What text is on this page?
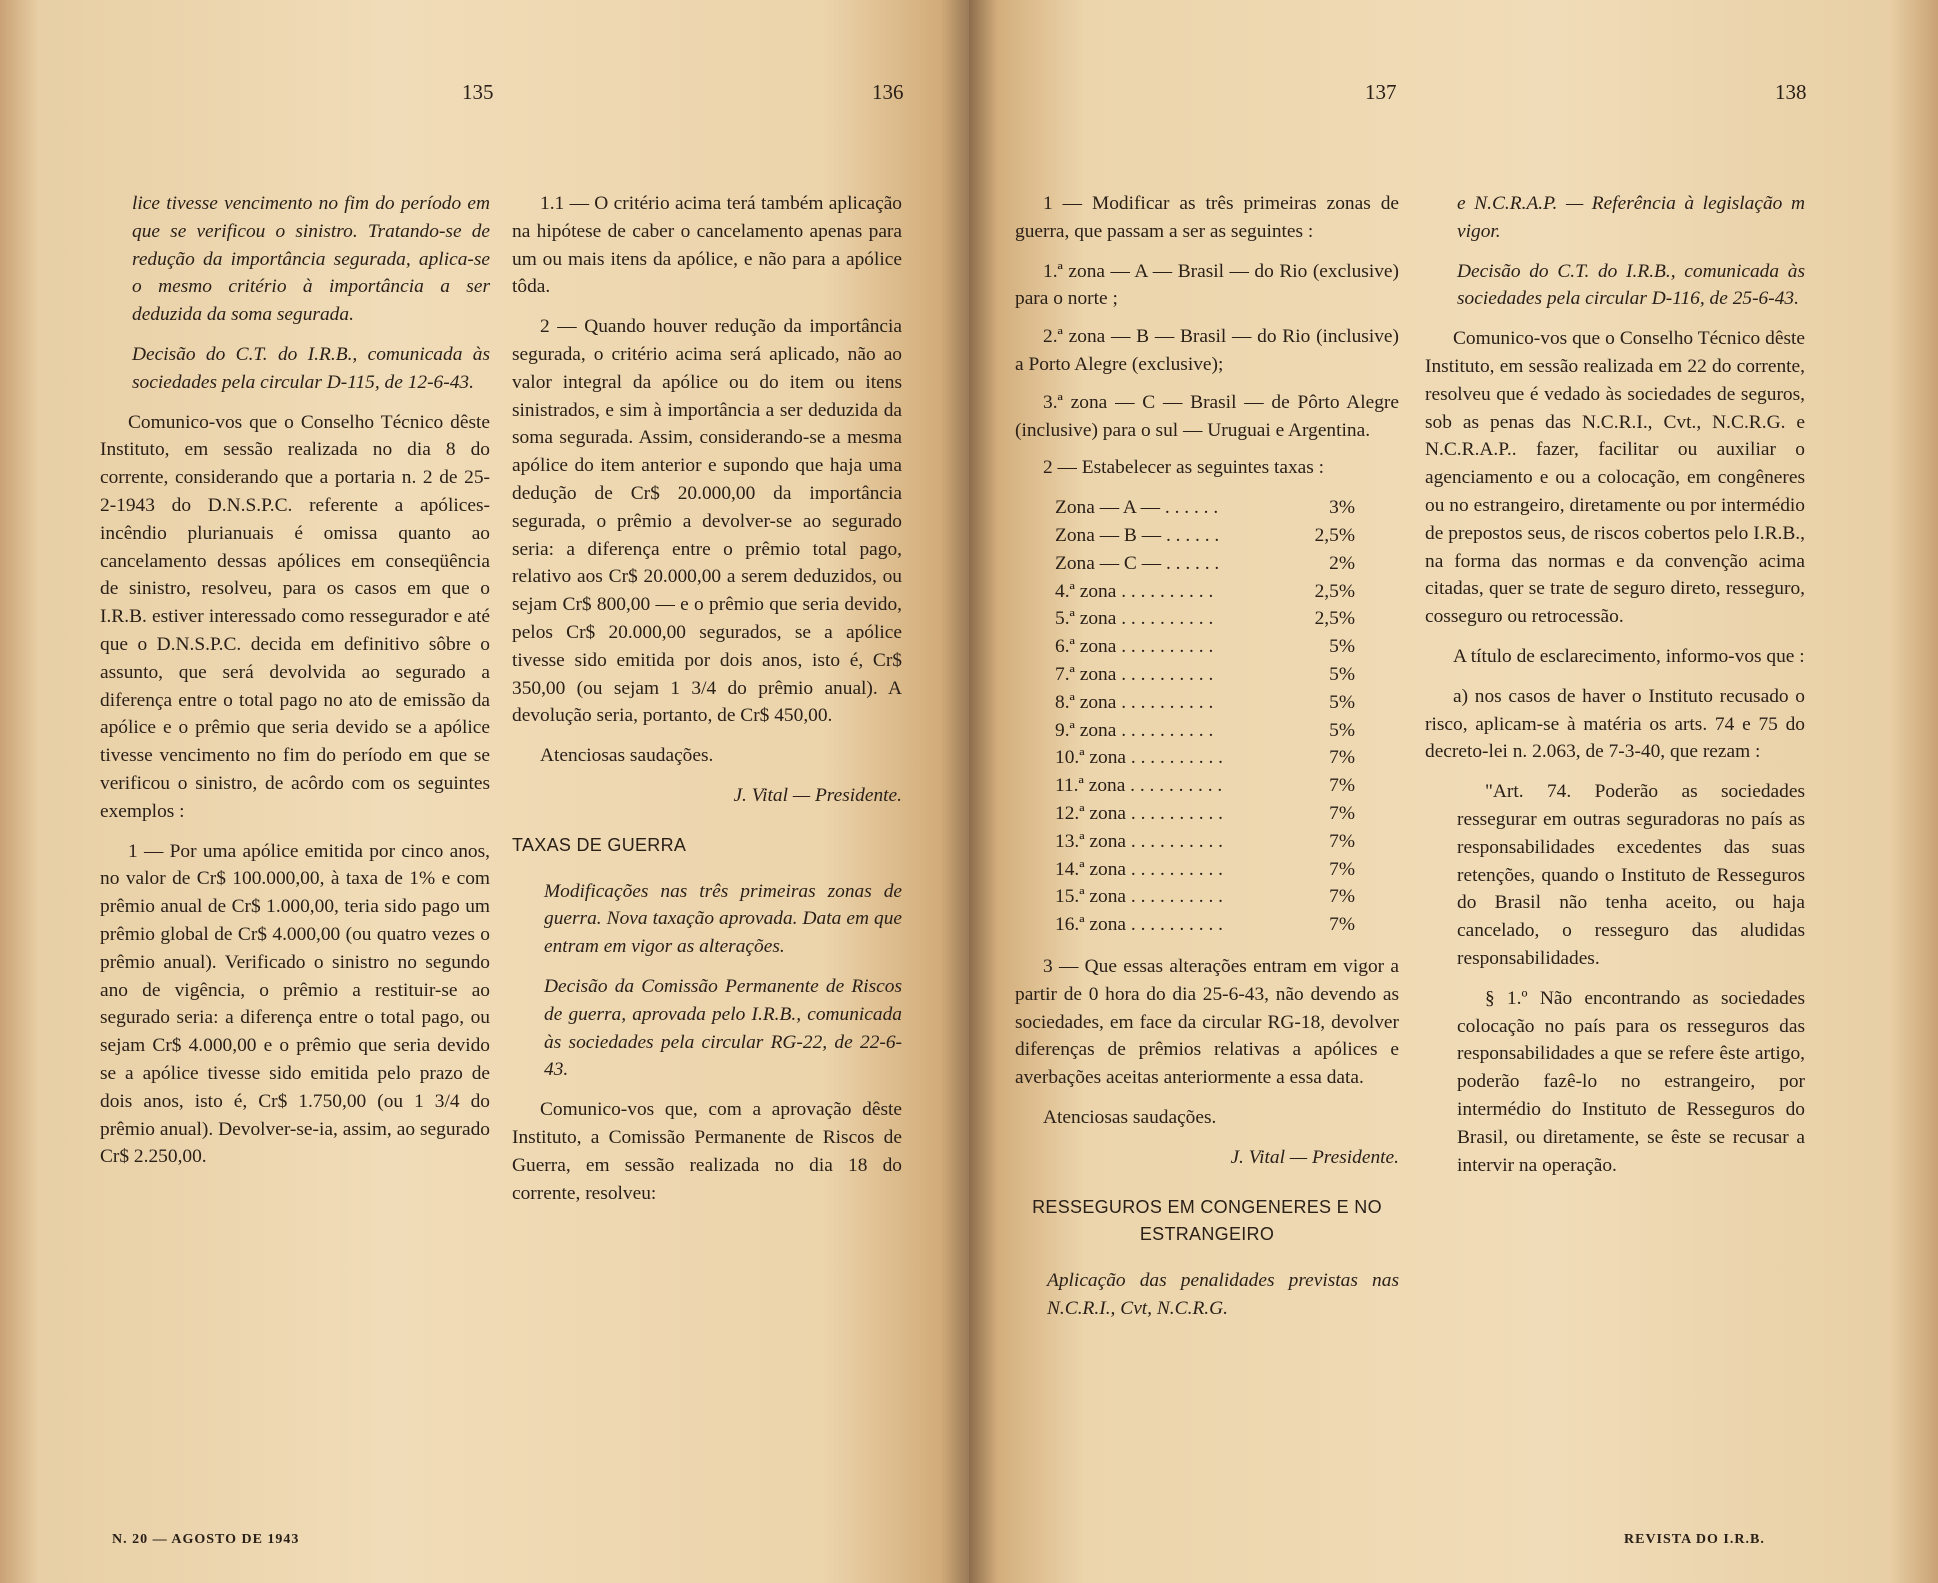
135	136

lice tivesse vencimento no fim do período em que se verificou o sinistro. Tratando-se de redução da importância segurada, aplica-se o mesmo critério à importância a ser deduzida da soma segurada.

Decisão do C.T. do I.R.B., comunicada às sociedades pela circular D-115, de 12-6-43.

Comunico-vos que o Conselho Técnico dêste Instituto, em sessão realizada no dia 8 do corrente, considerando que a portaria n. 2 de 25-2-1943 do D.N.S.P.C. referente a apólices-incêndio plurianuais é omissa quanto ao cancelamento dessas apólices em conseqüência de sinistro, resolveu, para os casos em que o I.R.B. estiver interessado como ressegurador e até que o D.N.S.P.C. decida em definitivo sôbre o assunto, que será devolvida ao segurado a diferença entre o total pago no ato de emissão da apólice e o prêmio que seria devido se a apólice tivesse vencimento no fim do período em que se verificou o sinistro, de acôrdo com os seguintes exemplos :

1 — Por uma apólice emitida por cinco anos, no valor de Cr$ 100.000,00, à taxa de 1% e com prêmio anual de Cr$ 1.000,00, teria sido pago um prêmio global de Cr$ 4.000,00 (ou quatro vezes o prêmio anual). Verificado o sinistro no segundo ano de vigência, o prêmio a restituir-se ao segurado seria: a diferença entre o total pago, ou sejam Cr$ 4.000,00 e o prêmio que seria devido se a apólice tivesse sido emitida pelo prazo de dois anos, isto é, Cr$ 1.750,00 (ou 1 3/4 do prêmio anual). Devolver-se-ia, assim, ao segurado Cr$ 2.250,00.

1.1 — O critério acima terá também aplicação na hipótese de caber o cancelamento apenas para um ou mais itens da apólice, e não para a apólice tôda.

2 — Quando houver redução da importância segurada, o critério acima será aplicado, não ao valor integral da apólice ou do item ou itens sinistrados, e sim à importância a ser deduzida da soma segurada. Assim, considerando-se a mesma apólice do item anterior e supondo que haja uma dedução de Cr$ 20.000,00 da importância segurada, o prêmio a devolver-se ao segurado seria: a diferença entre o prêmio total pago, relativo aos Cr$ 20.000,00 a serem deduzidos, ou sejam Cr$ 800,00 — e o prêmio que seria devido, pelos Cr$ 20.000,00 segurados, se a apólice tivesse sido emitida por dois anos, isto é, Cr$ 350,00 (ou sejam 1 3/4 do prêmio anual). A devolução seria, portanto, de Cr$ 450,00.

Atenciosas saudações.

J. Vital — Presidente.

TAXAS DE GUERRA

Modificações nas três primeiras zonas de guerra. Nova taxação aprovada. Data em que entram em vigor as alterações.

Decisão da Comissão Permanente de Riscos de guerra, aprovada pelo I.R.B., comunicada às sociedades pela circular RG-22, de 22-6-43.

Comunico-vos que, com a aprovação dêste Instituto, a Comissão Permanente de Riscos de Guerra, em sessão realizada no dia 18 do corrente, resolveu:

N. 20 — AGOSTO DE 1943
137	138

1 — Modificar as três primeiras zonas de guerra, que passam a ser as seguintes :

1.ª zona — A — Brasil — do Rio (exclusive) para o norte ;

2.ª zona — B — Brasil — do Rio (inclusive) a Porto Alegre (exclusive);

3.ª zona — C — Brasil — de Pôrto Alegre (inclusive) para o sul — Uruguai e Argentina.

2 — Estabelecer as seguintes taxas :

Zona — A — . . . . . .	3%
Zona — B — . . . . . .	2,5%
Zona — C — . . . . . .	2%
4.ª zona . . . . . . . . . .	2,5%
5.ª zona . . . . . . . . . .	2,5%
6.ª zona . . . . . . . . . .	5%
7.ª zona . . . . . . . . . .	5%
8.ª zona . . . . . . . . . .	5%
9.ª zona . . . . . . . . . .	5%
10.ª zona . . . . . . . . . .	7%
11.ª zona . . . . . . . . . .	7%
12.ª zona . . . . . . . . . .	7%
13.ª zona . . . . . . . . . .	7%
14.ª zona . . . . . . . . . .	7%
15.ª zona . . . . . . . . . .	7%
16.ª zona . . . . . . . . . .	7%

3 — Que essas alterações entram em vigor a partir de 0 hora do dia 25-6-43, não devendo as sociedades, em face da circular RG-18, devolver diferenças de prêmios relativas a apólices e averbações aceitas anteriormente a essa data.

Atenciosas saudações.

J. Vital — Presidente.

RESSEGUROS EM CONGENERES E NO ESTRANGEIRO

Aplicação das penalidades previstas nas N.C.R.I., Cvt, N.C.R.G.

e N.C.R.A.P. — Referência à legislação m vigor.

Decisão do C.T. do I.R.B., comunicada às sociedades pela circular D-116, de 25-6-43.

Comunico-vos que o Conselho Técnico dêste Instituto, em sessão realizada em 22 do corrente, resolveu que é vedado às sociedades de seguros, sob as penas das N.C.R.I., Cvt., N.C.R.G. e N.C.R.A.P.. fazer, facilitar ou auxiliar o agenciamento e ou a colocação, em congêneres ou no estrangeiro, diretamente ou por intermédio de prepostos seus, de riscos cobertos pelo I.R.B., na forma das normas e da convenção acima citadas, quer se trate de seguro direto, resseguro, cosseguro ou retrocessão.

A título de esclarecimento, informo-vos que :

a) nos casos de haver o Instituto recusado o risco, aplicam-se à matéria os arts. 74 e 75 do decreto-lei n. 2.063, de 7-3-40, que rezam :

"Art. 74. Poderão as sociedades ressegurar em outras seguradoras no país as responsabilidades excedentes das suas retenções, quando o Instituto de Resseguros do Brasil não tenha aceito, ou haja cancelado, o resseguro das aludidas responsabilidades.

§ 1.º Não encontrando as sociedades colocação no país para os resseguros das responsabilidades a que se refere êste artigo, poderão fazê-lo no estrangeiro, por intermédio do Instituto de Resseguros do Brasil, ou diretamente, se êste se recusar a intervir na operação.

REVISTA DO I.R.B.
